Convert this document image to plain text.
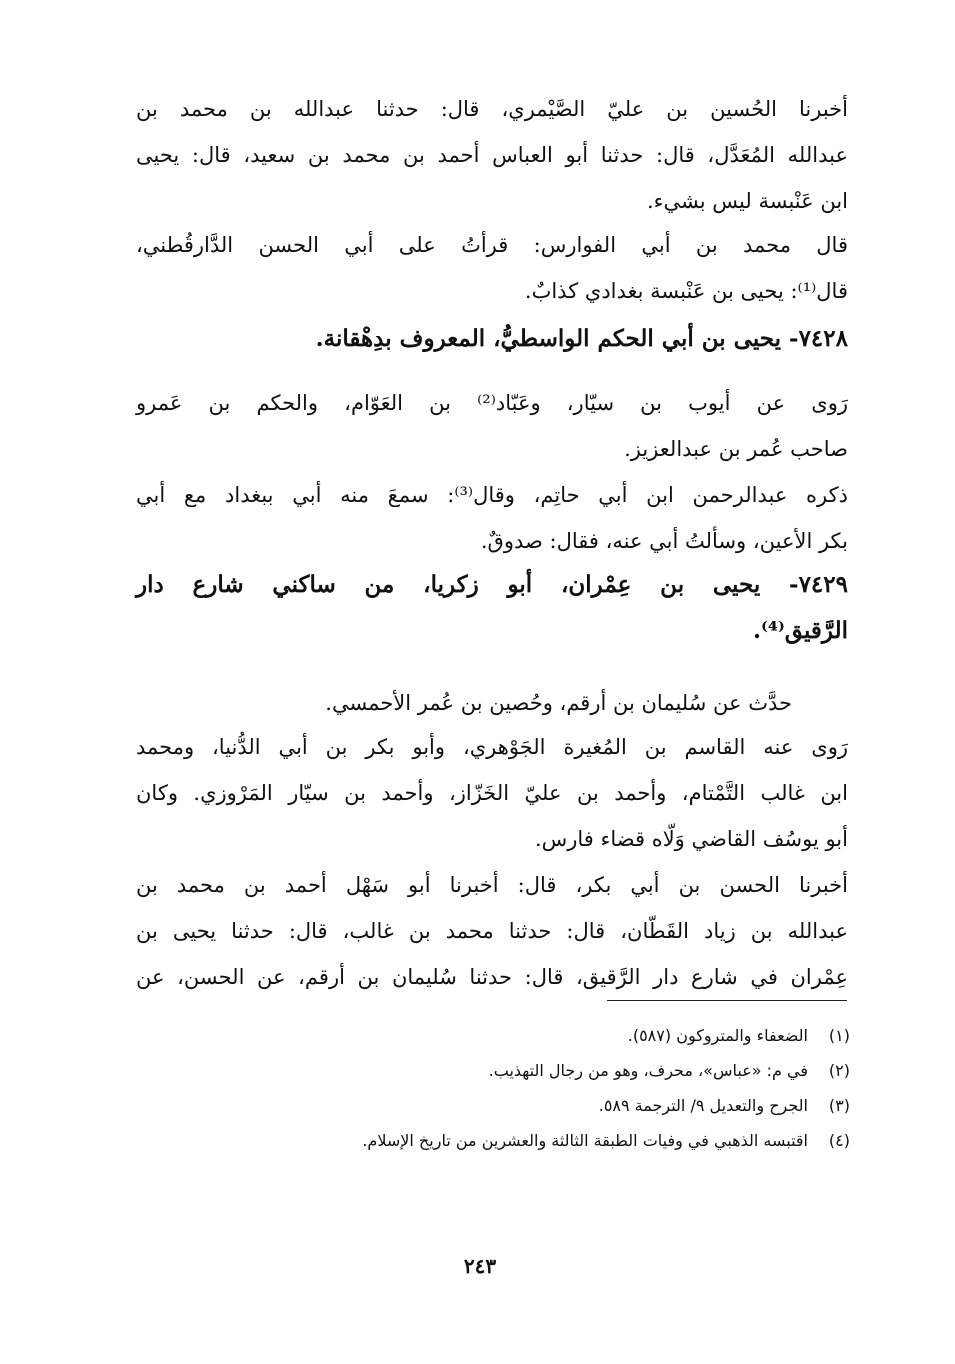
أخبرنا الحُسين بن عليّ الصَّيْمري، قال: حدثنا عبدالله بن محمد بن
عبدالله المُعَدَّل، قال: حدثنا أبو العباس أحمد بن محمد بن سعيد، قال: يحيى
ابن عَنْبسة ليس بشيء.
قال محمد بن أبي الفوارس: قرأتُ على أبي الحسن الدَّارقُطني،
قال⁽¹⁾: يحيى بن عَنْبسة بغدادي كذابٌ.
٧٤٢٨- يحيى بن أبي الحكم الواسطيُّ، المعروف بدِهْقانة.
رَوى عن أيوب بن سيّار، وعَبّاد⁽²⁾ بن العَوّام، والحكم بن عَمرو
صاحب عُمر بن عبدالعزيز.
ذكره عبدالرحمن ابن أبي حاتِم، وقال⁽³⁾: سمعَ منه أبي ببغداد مع أبي
بكر الأعين، وسألتُ أبي عنه، فقال: صدوقٌ.
٧٤٢٩- يحيى بن عِمْران، أبو زكريا، من ساكني شارع دار
الرَّقيق⁽⁴⁾.
حدَّث عن سُليمان بن أرقم، وحُصين بن عُمر الأحمسي.
رَوى عنه القاسم بن المُغيرة الجَوْهري، وأبو بكر بن أبي الدُّنيا، ومحمد
ابن غالب التَّمْتام، وأحمد بن عليّ الخَزّاز، وأحمد بن سيّار المَرْوزي. وكان
أبو يوسُف القاضي وَلّاه قضاء فارس.
أخبرنا الحسن بن أبي بكر، قال: أخبرنا أبو سَهْل أحمد بن محمد بن
عبدالله بن زياد القَطّان، قال: حدثنا محمد بن غالب، قال: حدثنا يحيى بن
عِمْران في شارع دار الرَّقيق، قال: حدثنا سُليمان بن أرقم، عن الحسن، عن
(١)الضعفاء والمتروكون (٥٨٧).
(٢)في م: «عباس»، محرف، وهو من رجال التهذيب.
(٣)الجرح والتعديل ٩/ الترجمة ٥٨٩.
(٤)اقتبسه الذهبي في وفيات الطبقة الثالثة والعشرين من تاريخ الإسلام.
٢٤٣
